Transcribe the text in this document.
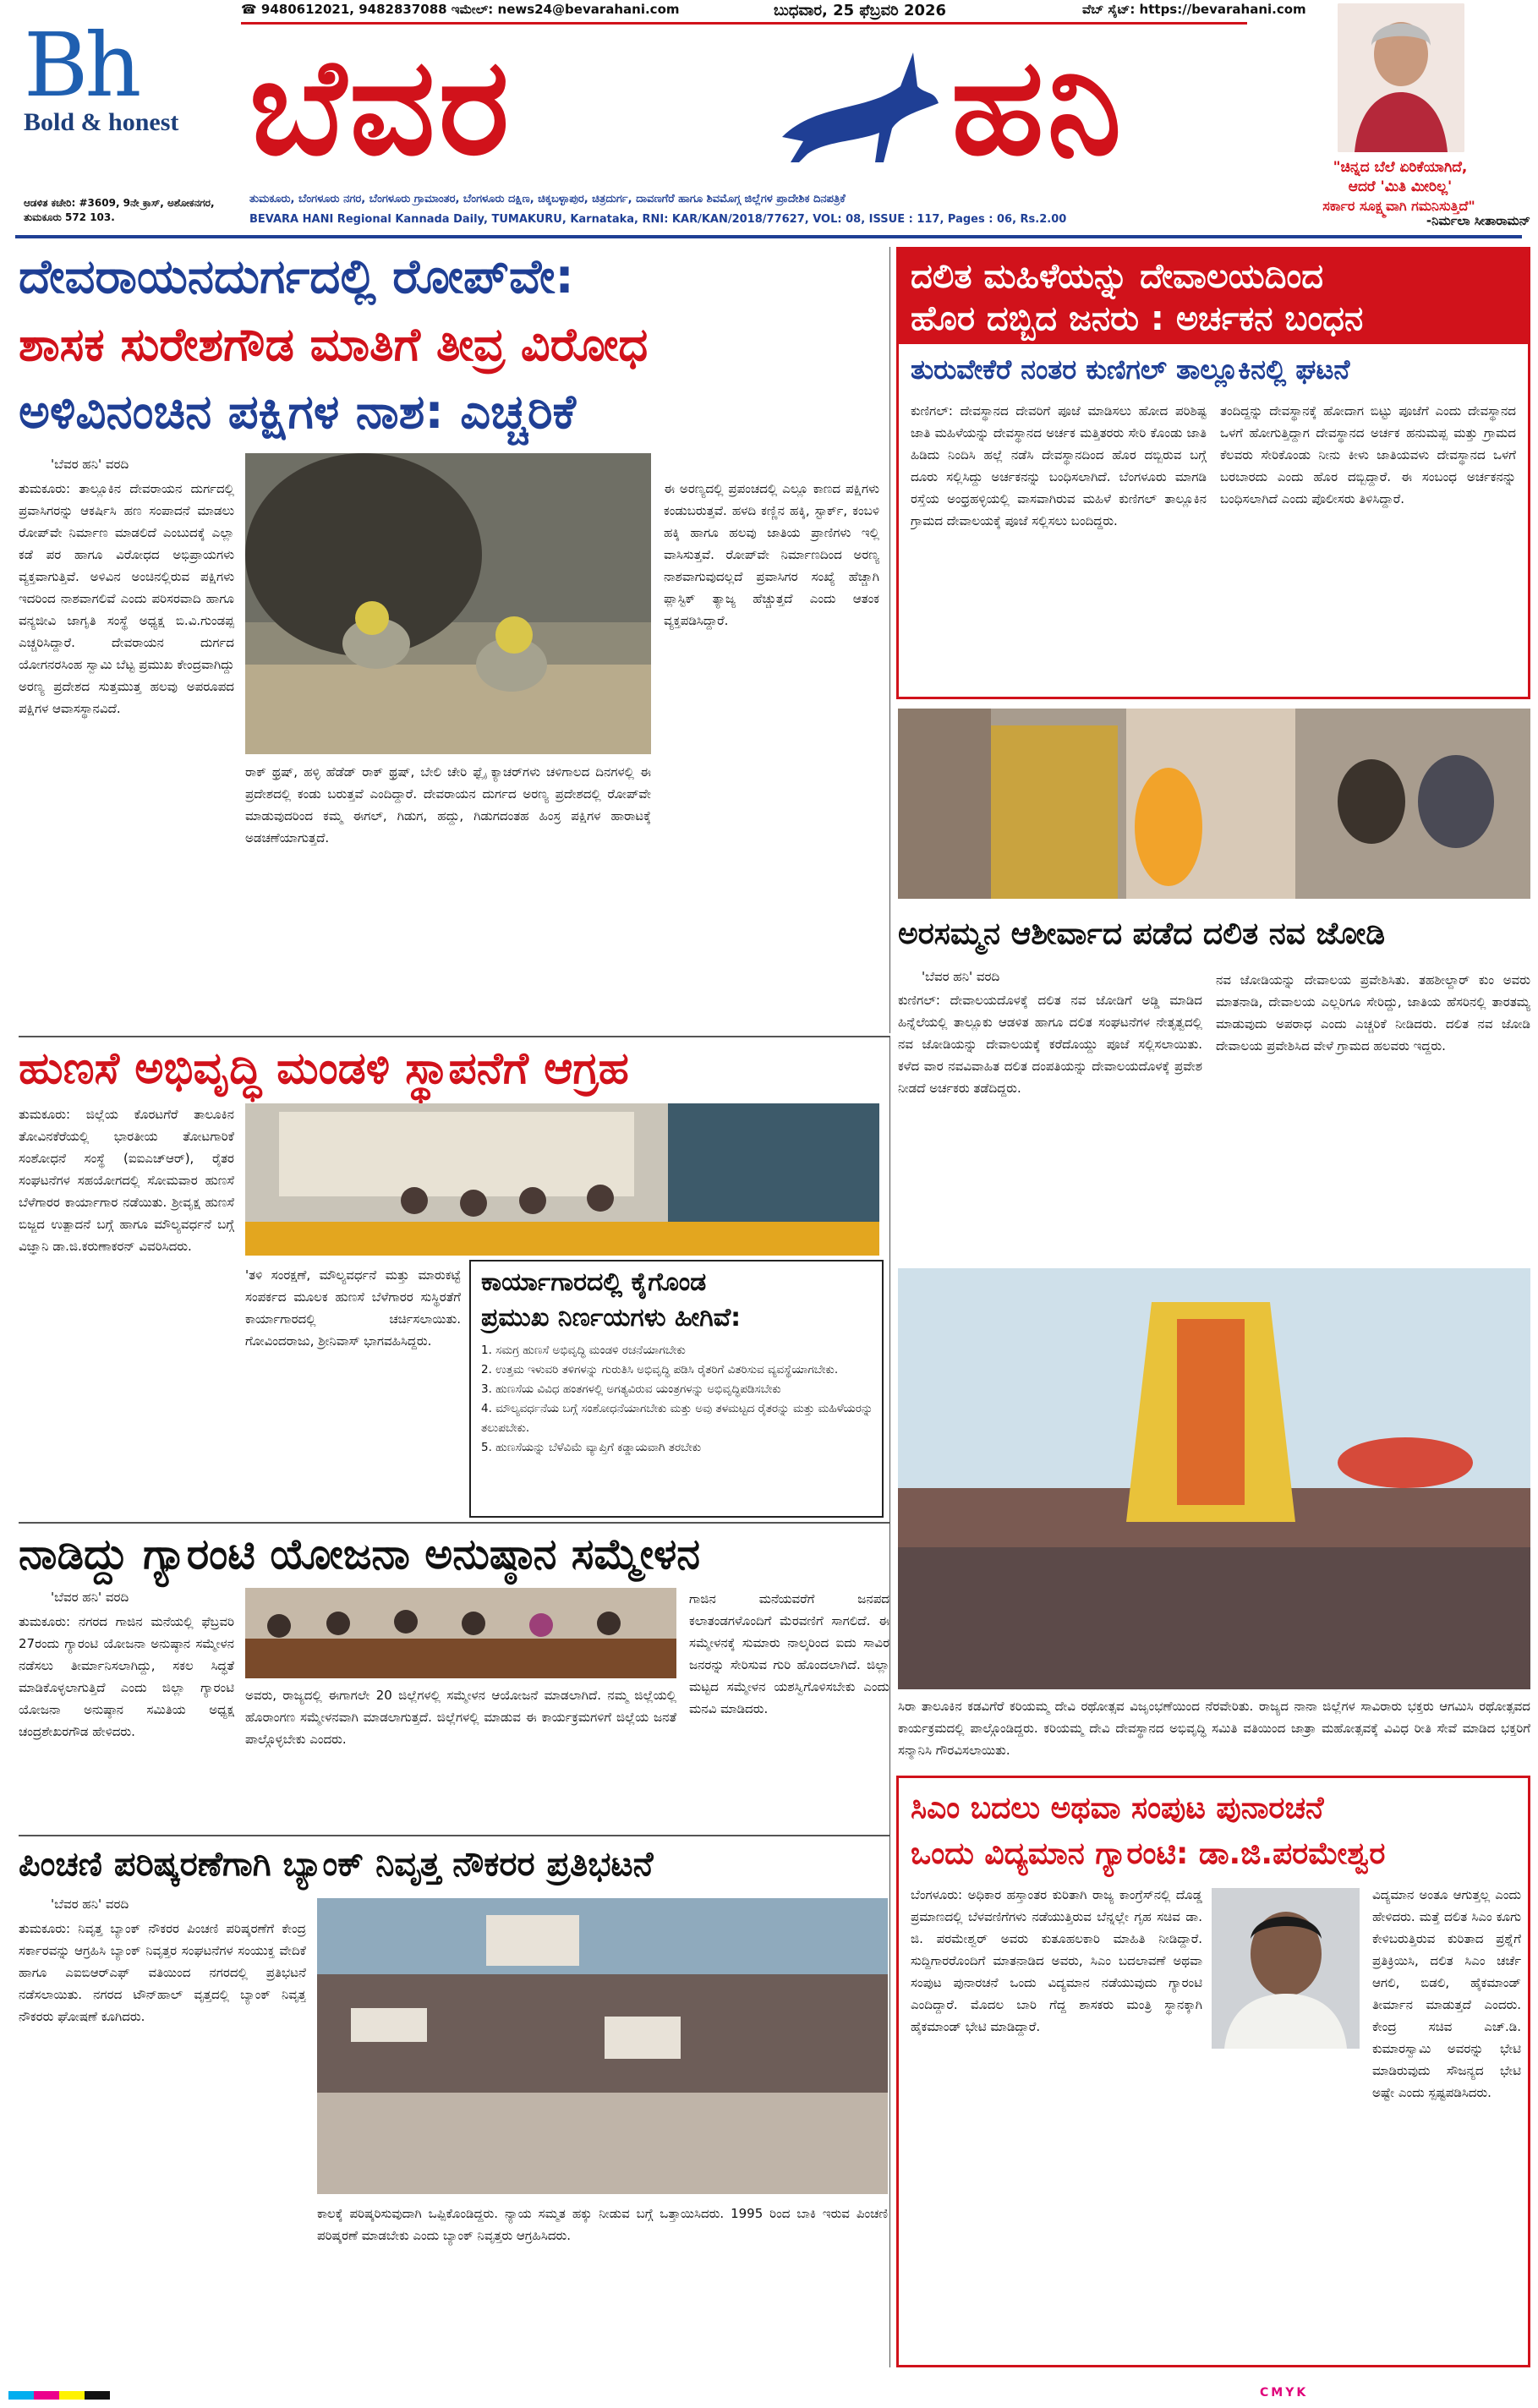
Bh
Bold & honest
☎ 9480612021, 9482837088 ಇಮೇಲ್: news24@bevarahani.com	ಬುಧವಾರ, 25 ಫೆಬ್ರವರಿ 2026	ವೆಬ್ ಸೈಟ್: https://bevarahani.com
ಬೆವರ	ಹನಿ	"ಚಿನ್ನದ ಬೆಲೆ ಏರಿಕೆಯಾಗಿದೆ,
ಆದರೆ 'ಮಿತಿ ಮೀರಿಲ್ಲ'
ಸರ್ಕಾರ ಸೂಕ್ಷ್ಮವಾಗಿ ಗಮನಿಸುತ್ತಿದೆ"
ಆಡಳಿತ ಕಚೇರಿ: #3609, 9ನೇ ಕ್ರಾಸ್, ಅಶೋಕನಗರ, ತುಮಕೂರು 572 103.
ತುಮಕೂರು, ಬೆಂಗಳೂರು ನಗರ, ಬೆಂಗಳೂರು ಗ್ರಾಮಾಂತರ, ಬೆಂಗಳೂರು ದಕ್ಷಿಣ, ಚಿಕ್ಕಬಳ್ಳಾಪುರ, ಚಿತ್ರದುರ್ಗ, ದಾವಣಗೆರೆ ಹಾಗೂ ಶಿವಮೊಗ್ಗ ಜಿಲ್ಲೆಗಳ ಪ್ರಾದೇಶಿಕ ದಿನಪತ್ರಿಕೆ
BEVARA HANI Regional Kannada Daily, TUMAKURU, Karnataka, RNI: KAR/KAN/2018/77627, VOL: 08, ISSUE : 117, Pages : 06, Rs.2.00	-ನಿರ್ಮಲಾ ಸೀತಾರಾಮನ್
ದೇವರಾಯನದುರ್ಗದಲ್ಲಿ ರೋಪ್‌ವೇ:
ಶಾಸಕ ಸುರೇಶಗೌಡ ಮಾತಿಗೆ ತೀವ್ರ ವಿರೋಧ
ಅಳಿವಿನಂಚಿನ ಪಕ್ಷಿಗಳ ನಾಶ: ಎಚ್ಚರಿಕೆ
'ಬೆವರ ಹನಿ' ವರದಿ
ತುಮಕೂರು: ತಾಲ್ಲೂಕಿನ ದೇವರಾಯನ ದುರ್ಗದಲ್ಲಿ ಪ್ರವಾಸಿಗರನ್ನು ಆಕರ್ಷಿಸಿ ಹಣ ಸಂಪಾದನೆ ಮಾಡಲು ರೋಪ್‌ವೇ ನಿರ್ಮಾಣ ಮಾಡಲಿದೆ ಎಂಬುದಕ್ಕೆ ಎಲ್ಲಾ ಕಡೆ ಪರ ಹಾಗೂ ವಿರೋಧದ ಅಭಿಪ್ರಾಯಗಳು ವ್ಯಕ್ತವಾಗುತ್ತಿವೆ. ಅಳಿವಿನ ಅಂಚಿನಲ್ಲಿರುವ ಪಕ್ಷಿಗಳು ಇದರಿಂದ ನಾಶವಾಗಲಿವೆ ಎಂದು ಪರಿಸರವಾದಿ ಹಾಗೂ ವನ್ಯಜೀವಿ ಜಾಗೃತಿ ಸಂಸ್ಥೆ ಅಧ್ಯಕ್ಷ ಬಿ.ವಿ.ಗುಂಡಪ್ಪ ಎಚ್ಚರಿಸಿದ್ದಾರೆ. ದೇವರಾಯನ ದುರ್ಗದ ಯೋಗನರಸಿಂಹ ಸ್ವಾಮಿ ಬೆಟ್ಟ ಪ್ರಮುಖ ಕೇಂದ್ರವಾಗಿದ್ದು ಅರಣ್ಯ ಪ್ರದೇಶದ ಸುತ್ತಮುತ್ತ ಹಲವು ಅಪರೂಪದ ಪಕ್ಷಿಗಳ ಆವಾಸಸ್ಥಾನವಿದೆ.
ರಾಕ್ ಥ್ರಷ್, ಹಳ್ಳಿ ಹೆಡೆಡ್ ರಾಕ್ ಥ್ರಷ್, ಬೇಲಿ ಚೇರಿ ಫ್ಲೈ ಕ್ಯಾಚರ್‌ಗಳು ಚಳಿಗಾಲದ ದಿನಗಳಲ್ಲಿ ಈ ಪ್ರದೇಶದಲ್ಲಿ ಕಂಡು ಬರುತ್ತವೆ ಎಂದಿದ್ದಾರೆ. ದೇವರಾಯನ ದುರ್ಗದ ಅರಣ್ಯ ಪ್ರದೇಶದಲ್ಲಿ ರೋಪ್‌ವೇ ಮಾಡುವುದರಿಂದ ಕಮ್ಮ ಈಗಲ್, ಗಿಡುಗ, ಹದ್ದು, ಗಿಡುಗದಂತಹ ಹಿಂಸ್ರ ಪಕ್ಷಿಗಳ ಹಾರಾಟಕ್ಕೆ ಅಡಚಣೆಯಾಗುತ್ತದೆ.
ಈ ಅರಣ್ಯದಲ್ಲಿ ಪ್ರಪಂಚದಲ್ಲಿ ಎಲ್ಲೂ ಕಾಣದ ಪಕ್ಷಿಗಳು ಕಂಡುಬರುತ್ತವೆ. ಹಳದಿ ಕಣ್ಣಿನ ಹಕ್ಕಿ, ಸ್ಟಾರ್ಕ್, ಕಂಬಳಿ ಹಕ್ಕಿ ಹಾಗೂ ಹಲವು ಜಾತಿಯ ಪ್ರಾಣಿಗಳು ಇಲ್ಲಿ ವಾಸಿಸುತ್ತವೆ. ರೋಪ್‌ವೇ ನಿರ್ಮಾಣದಿಂದ ಅರಣ್ಯ ನಾಶವಾಗುವುದಲ್ಲದೆ ಪ್ರವಾಸಿಗರ ಸಂಖ್ಯೆ ಹೆಚ್ಚಾಗಿ ಪ್ಲಾಸ್ಟಿಕ್ ತ್ಯಾಜ್ಯ ಹೆಚ್ಚುತ್ತದೆ ಎಂದು ಆತಂಕ ವ್ಯಕ್ತಪಡಿಸಿದ್ದಾರೆ.
ದಲಿತ ಮಹಿಳೆಯನ್ನು ದೇವಾಲಯದಿಂದ
ಹೊರ ದಬ್ಬಿದ ಜನರು : ಅರ್ಚಕನ ಬಂಧನ
ತುರುವೇಕೆರೆ ನಂತರ ಕುಣಿಗಲ್ ತಾಲ್ಲೂಕಿನಲ್ಲಿ ಘಟನೆ
ಕುಣಿಗಲ್: ದೇವಸ್ಥಾನದ ದೇವರಿಗೆ ಪೂಜೆ ಮಾಡಿಸಲು ಹೋದ ಪರಿಶಿಷ್ಟ ಜಾತಿ ಮಹಿಳೆಯನ್ನು ದೇವಸ್ಥಾನದ ಅರ್ಚಕ ಮತ್ತಿತರರು ಸೇರಿ ಕೊಂಡು ಜಾತಿ ಹಿಡಿದು ನಿಂದಿಸಿ ಹಲ್ಲೆ ನಡೆಸಿ ದೇವಸ್ಥಾನದಿಂದ ಹೊರ ದಬ್ಬಿರುವ ಬಗ್ಗೆ ದೂರು ಸಲ್ಲಿಸಿದ್ದು ಅರ್ಚಕನನ್ನು ಬಂಧಿಸಲಾಗಿದೆ. ಬೆಂಗಳೂರು ಮಾಗಡಿ ರಸ್ತೆಯ ಅಂಧ್ರಹಳ್ಳಿಯಲ್ಲಿ ವಾಸವಾಗಿರುವ ಮಹಿಳೆ ಕುಣಿಗಲ್ ತಾಲ್ಲೂಕಿನ ಗ್ರಾಮದ ದೇವಾಲಯಕ್ಕೆ ಪೂಜೆ ಸಲ್ಲಿಸಲು ಬಂದಿದ್ದರು.
ತಂದಿದ್ದನ್ನು ದೇವಸ್ಥಾನಕ್ಕೆ ಹೋದಾಗ ಬಿಟ್ಟು ಪೂಜೆಗೆ ಎಂದು ದೇವಸ್ಥಾನದ ಒಳಗೆ ಹೋಗುತ್ತಿದ್ದಾಗ ದೇವಸ್ಥಾನದ ಅರ್ಚಕ ಹನುಮಪ್ಪ ಮತ್ತು ಗ್ರಾಮದ ಕೆಲವರು ಸೇರಿಕೊಂಡು ನೀನು ಕೀಳು ಜಾತಿಯವಳು ದೇವಸ್ಥಾನದ ಒಳಗೆ ಬರಬಾರದು ಎಂದು ಹೊರ ದಬ್ಬಿದ್ದಾರೆ. ಈ ಸಂಬಂಧ ಅರ್ಚಕನನ್ನು ಬಂಧಿಸಲಾಗಿದೆ ಎಂದು ಪೊಲೀಸರು ತಿಳಿಸಿದ್ದಾರೆ.
ಅರಸಮ್ಮನ ಆಶೀರ್ವಾದ ಪಡೆದ ದಲಿತ ನವ ಜೋಡಿ
'ಬೆವರ ಹನಿ' ವರದಿ
ಕುಣಿಗಲ್: ದೇವಾಲಯದೊಳಕ್ಕೆ ದಲಿತ ನವ ಜೋಡಿಗೆ ಅಡ್ಡಿ ಮಾಡಿದ ಹಿನ್ನೆಲೆಯಲ್ಲಿ ತಾಲ್ಲೂಕು ಆಡಳಿತ ಹಾಗೂ ದಲಿತ ಸಂಘಟನೆಗಳ ನೇತೃತ್ವದಲ್ಲಿ ನವ ಜೋಡಿಯನ್ನು ದೇವಾಲಯಕ್ಕೆ ಕರೆದೊಯ್ದು ಪೂಜೆ ಸಲ್ಲಿಸಲಾಯಿತು. ಕಳೆದ ವಾರ ನವವಿವಾಹಿತ ದಲಿತ ದಂಪತಿಯನ್ನು ದೇವಾಲಯದೊಳಕ್ಕೆ ಪ್ರವೇಶ ನೀಡದೆ ಅರ್ಚಕರು ತಡೆದಿದ್ದರು.
ನವ ಜೋಡಿಯನ್ನು ದೇವಾಲಯ ಪ್ರವೇಶಿಸಿತು. ತಹಶೀಲ್ದಾರ್ ಕುಂ ಅವರು ಮಾತನಾಡಿ, ದೇವಾಲಯ ಎಲ್ಲರಿಗೂ ಸೇರಿದ್ದು, ಜಾತಿಯ ಹೆಸರಿನಲ್ಲಿ ತಾರತಮ್ಯ ಮಾಡುವುದು ಅಪರಾಧ ಎಂದು ಎಚ್ಚರಿಕೆ ನೀಡಿದರು. ದಲಿತ ನವ ಜೋಡಿ ದೇವಾಲಯ ಪ್ರವೇಶಿಸಿದ ವೇಳೆ ಗ್ರಾಮದ ಹಲವರು ಇದ್ದರು.
ಸಿರಾ ತಾಲೂಕಿನ ಕಡವಿಗೆರೆ ಕರಿಯಮ್ಮ ದೇವಿ ರಥೋತ್ಸವ ವಿಜೃಂಭಣೆಯಿಂದ ನೆರವೇರಿತು. ರಾಜ್ಯದ ನಾನಾ ಜಿಲ್ಲೆಗಳ ಸಾವಿರಾರು ಭಕ್ತರು ಆಗಮಿಸಿ ರಥೋತ್ಸವದ ಕಾರ್ಯಕ್ರಮದಲ್ಲಿ ಪಾಲ್ಗೊಂಡಿದ್ದರು. ಕರಿಯಮ್ಮ ದೇವಿ ದೇವಸ್ಥಾನದ ಅಭಿವೃದ್ಧಿ ಸಮಿತಿ ವತಿಯಿಂದ ಜಾತ್ರಾ ಮಹೋತ್ಸವಕ್ಕೆ ವಿವಿಧ ರೀತಿ ಸೇವೆ ಮಾಡಿದ ಭಕ್ತರಿಗೆ ಸನ್ಮಾನಿಸಿ ಗೌರವಿಸಲಾಯಿತು.
ಹುಣಸೆ ಅಭಿವೃದ್ಧಿ ಮಂಡಳಿ ಸ್ಥಾಪನೆಗೆ ಆಗ್ರಹ
ತುಮಕೂರು: ಜಿಲ್ಲೆಯ ಕೊರಟಗೆರೆ ತಾಲೂಕಿನ ತೋವಿನಕೆರೆಯಲ್ಲಿ ಭಾರತೀಯ ತೋಟಗಾರಿಕೆ ಸಂಶೋಧನೆ ಸಂಸ್ಥೆ (ಐಐಎಚ್‌ಆರ್), ರೈತರ ಸಂಘಟನೆಗಳ ಸಹಯೋಗದಲ್ಲಿ ಸೋಮವಾರ ಹುಣಸೆ ಬೆಳೆಗಾರರ ಕಾರ್ಯಾಗಾರ ನಡೆಯಿತು. ಶ್ರೀವೃಕ್ಷ ಹುಣಸೆ ಬಿಜ್ಜದ ಉತ್ಪಾದನೆ ಬಗ್ಗೆ ಹಾಗೂ ಮೌಲ್ಯವರ್ಧನೆ ಬಗ್ಗೆ ವಿಜ್ಞಾನಿ ಡಾ.ಜಿ.ಕರುಣಾಕರನ್ ವಿವರಿಸಿದರು.
'ತಳಿ ಸಂರಕ್ಷಣೆ, ಮೌಲ್ಯವರ್ಧನೆ ಮತ್ತು ಮಾರುಕಟ್ಟೆ ಸಂಪರ್ಕದ ಮೂಲಕ ಹುಣಸೆ ಬೆಳೆಗಾರರ ಸುಸ್ಥಿರತೆಗೆ ಕಾರ್ಯಾಗಾರದಲ್ಲಿ ಚರ್ಚಿಸಲಾಯಿತು. ಗೋವಿಂದರಾಜು, ಶ್ರೀನಿವಾಸ್ ಭಾಗವಹಿಸಿದ್ದರು.
ಕಾರ್ಯಾಗಾರದಲ್ಲಿ ಕೈಗೊಂಡ
ಪ್ರಮುಖ ನಿರ್ಣಯಗಳು ಹೀಗಿವೆ:
1. ಸಮಗ್ರ ಹುಣಸೆ ಅಭಿವೃದ್ಧಿ ಮಂಡಳಿ ರಚನೆಯಾಗಬೇಕು
2. ಉತ್ತಮ ಇಳುವರಿ ತಳಿಗಳನ್ನು ಗುರುತಿಸಿ ಅಭಿವೃದ್ಧಿ ಪಡಿಸಿ ರೈತರಿಗೆ ವಿತರಿಸುವ ವ್ಯವಸ್ಥೆಯಾಗಬೇಕು.
3. ಹುಣಸೆಯ ವಿವಿಧ ಹಂತಗಳಲ್ಲಿ ಅಗತ್ಯವಿರುವ ಯಂತ್ರಗಳನ್ನು ಅಭಿವೃದ್ಧಿಪಡಿಸಬೇಕು
4. ಮೌಲ್ಯವರ್ಧನೆಯ ಬಗ್ಗೆ ಸಂಶೋಧನೆಯಾಗಬೇಕು ಮತ್ತು ಅವು ತಳಮಟ್ಟದ ರೈತರನ್ನು ಮತ್ತು ಮಹಿಳೆಯರನ್ನು ತಲುಪಬೇಕು.
5. ಹುಣಸೆಯನ್ನು ಬೆಳೆವಿಮೆ ವ್ಯಾಪ್ತಿಗೆ ಕಡ್ಡಾಯವಾಗಿ ತರಬೇಕು
ನಾಡಿದ್ದು ಗ್ಯಾರಂಟಿ ಯೋಜನಾ ಅನುಷ್ಠಾನ ಸಮ್ಮೇಳನ
'ಬೆವರ ಹನಿ' ವರದಿ
ತುಮಕೂರು: ನಗರದ ಗಾಜಿನ ಮನೆಯಲ್ಲಿ ಫೆಬ್ರವರಿ 27ರಂದು ಗ್ಯಾರಂಟಿ ಯೋಜನಾ ಅನುಷ್ಠಾನ ಸಮ್ಮೇಳನ ನಡೆಸಲು ತೀರ್ಮಾನಿಸಲಾಗಿದ್ದು, ಸಕಲ ಸಿದ್ಧತೆ ಮಾಡಿಕೊಳ್ಳಲಾಗುತ್ತಿದೆ ಎಂದು ಜಿಲ್ಲಾ ಗ್ಯಾರಂಟಿ ಯೋಜನಾ ಅನುಷ್ಠಾನ ಸಮಿತಿಯ ಅಧ್ಯಕ್ಷ ಚಂದ್ರಶೇಖರಗೌಡ ಹೇಳಿದರು.
ಅವರು, ರಾಜ್ಯದಲ್ಲಿ ಈಗಾಗಲೇ 20 ಜಿಲ್ಲೆಗಳಲ್ಲಿ ಸಮ್ಮೇಳನ ಆಯೋಜನೆ ಮಾಡಲಾಗಿದೆ. ನಮ್ಮ ಜಿಲ್ಲೆಯಲ್ಲಿ ಹೊರಾಂಗಣ ಸಮ್ಮೇಳನವಾಗಿ ಮಾಡಲಾಗುತ್ತದೆ. ಜಿಲ್ಲೆಗಳಲ್ಲಿ ಮಾಡುವ ಈ ಕಾರ್ಯಕ್ರಮಗಳಿಗೆ ಜಿಲ್ಲೆಯ ಜನತೆ ಪಾಲ್ಗೊಳ್ಳಬೇಕು ಎಂದರು.
ಗಾಜಿನ ಮನೆಯವರೆಗೆ ಜನಪದ ಕಲಾತಂಡಗಳೊಂದಿಗೆ ಮೆರವಣಿಗೆ ಸಾಗಲಿದೆ. ಈ ಸಮ್ಮೇಳನಕ್ಕೆ ಸುಮಾರು ನಾಲ್ಕರಿಂದ ಐದು ಸಾವಿರ ಜನರನ್ನು ಸೇರಿಸುವ ಗುರಿ ಹೊಂದಲಾಗಿದೆ. ಜಿಲ್ಲಾ ಮಟ್ಟದ ಸಮ್ಮೇಳನ ಯಶಸ್ವಿಗೊಳಿಸಬೇಕು ಎಂದು ಮನವಿ ಮಾಡಿದರು.
ಪಿಂಚಣಿ ಪರಿಷ್ಕರಣೆಗಾಗಿ ಬ್ಯಾಂಕ್ ನಿವೃತ್ತ ನೌಕರರ ಪ್ರತಿಭಟನೆ
'ಬೆವರ ಹನಿ' ವರದಿ
ತುಮಕೂರು: ನಿವೃತ್ತ ಬ್ಯಾಂಕ್ ನೌಕರರ ಪಿಂಚಣಿ ಪರಿಷ್ಕರಣೆಗೆ ಕೇಂದ್ರ ಸರ್ಕಾರವನ್ನು ಆಗ್ರಹಿಸಿ ಬ್ಯಾಂಕ್ ನಿವೃತ್ತರ ಸಂಘಟನೆಗಳ ಸಂಯುಕ್ತ ವೇದಿಕೆ ಹಾಗೂ ಎಐಬಿಆರ್‌ಎಫ್ ವತಿಯಿಂದ ನಗರದಲ್ಲಿ ಪ್ರತಿಭಟನೆ ನಡೆಸಲಾಯಿತು. ನಗರದ ಟೌನ್‌ಹಾಲ್ ವೃತ್ತದಲ್ಲಿ ಬ್ಯಾಂಕ್ ನಿವೃತ್ತ ನೌಕರರು ಘೋಷಣೆ ಕೂಗಿದರು.
ಕಾಲಕ್ಕೆ ಪರಿಷ್ಕರಿಸುವುದಾಗಿ ಒಪ್ಪಿಕೊಂಡಿದ್ದರು. ನ್ಯಾಯ ಸಮ್ಮತ ಹಕ್ಕು ನೀಡುವ ಬಗ್ಗೆ ಒತ್ತಾಯಿಸಿದರು. 1995 ರಿಂದ ಬಾಕಿ ಇರುವ ಪಿಂಚಣಿ ಪರಿಷ್ಕರಣೆ ಮಾಡಬೇಕು ಎಂದು ಬ್ಯಾಂಕ್ ನಿವೃತ್ತರು ಆಗ್ರಹಿಸಿದರು.
ಸಿಎಂ ಬದಲು ಅಥವಾ ಸಂಪುಟ ಪುನಾರಚನೆ
ಒಂದು ವಿದ್ಯಮಾನ ಗ್ಯಾರಂಟಿ: ಡಾ.ಜಿ.ಪರಮೇಶ್ವರ
ಬೆಂಗಳೂರು: ಅಧಿಕಾರ ಹಸ್ತಾಂತರ ಕುರಿತಾಗಿ ರಾಜ್ಯ ಕಾಂಗ್ರೆಸ್‌ನಲ್ಲಿ ದೊಡ್ಡ ಪ್ರಮಾಣದಲ್ಲಿ ಬೆಳವಣಿಗೆಗಳು ನಡೆಯುತ್ತಿರುವ ಬೆನ್ನಲ್ಲೇ ಗೃಹ ಸಚಿವ ಡಾ. ಜಿ. ಪರಮೇಶ್ವರ್ ಅವರು ಕುತೂಹಲಕಾರಿ ಮಾಹಿತಿ ನೀಡಿದ್ದಾರೆ. ಸುದ್ದಿಗಾರರೊಂದಿಗೆ ಮಾತನಾಡಿದ ಅವರು, ಸಿಎಂ ಬದಲಾವಣೆ ಅಥವಾ ಸಂಪುಟ ಪುನಾರಚನೆ ಒಂದು ವಿದ್ಯಮಾನ ನಡೆಯುವುದು ಗ್ಯಾರಂಟಿ ಎಂದಿದ್ದಾರೆ. ಮೊದಲ ಬಾರಿ ಗೆದ್ದ ಶಾಸಕರು ಮಂತ್ರಿ ಸ್ಥಾನಕ್ಕಾಗಿ ಹೈಕಮಾಂಡ್ ಭೇಟಿ ಮಾಡಿದ್ದಾರೆ.
ವಿದ್ಯಮಾನ ಅಂತೂ ಆಗುತ್ತಲ್ಲ ಎಂದು ಹೇಳಿದರು. ಮತ್ತೆ ದಲಿತ ಸಿಎಂ ಕೂಗು ಕೇಳಿಬರುತ್ತಿರುವ ಕುರಿತಾದ ಪ್ರಶ್ನೆಗೆ ಪ್ರತಿಕ್ರಿಯಿಸಿ, ದಲಿತ ಸಿಎಂ ಚರ್ಚೆ ಆಗಲಿ, ಬಿಡಲಿ, ಹೈಕಮಾಂಡ್ ತೀರ್ಮಾನ ಮಾಡುತ್ತದೆ ಎಂದರು. ಕೇಂದ್ರ ಸಚಿವ ಎಚ್.ಡಿ. ಕುಮಾರಸ್ವಾಮಿ ಅವರನ್ನು ಭೇಟಿ ಮಾಡಿರುವುದು ಸೌಜನ್ಯದ ಭೇಟಿ ಅಷ್ಟೇ ಎಂದು ಸ್ಪಷ್ಟಪಡಿಸಿದರು.
CMYK
